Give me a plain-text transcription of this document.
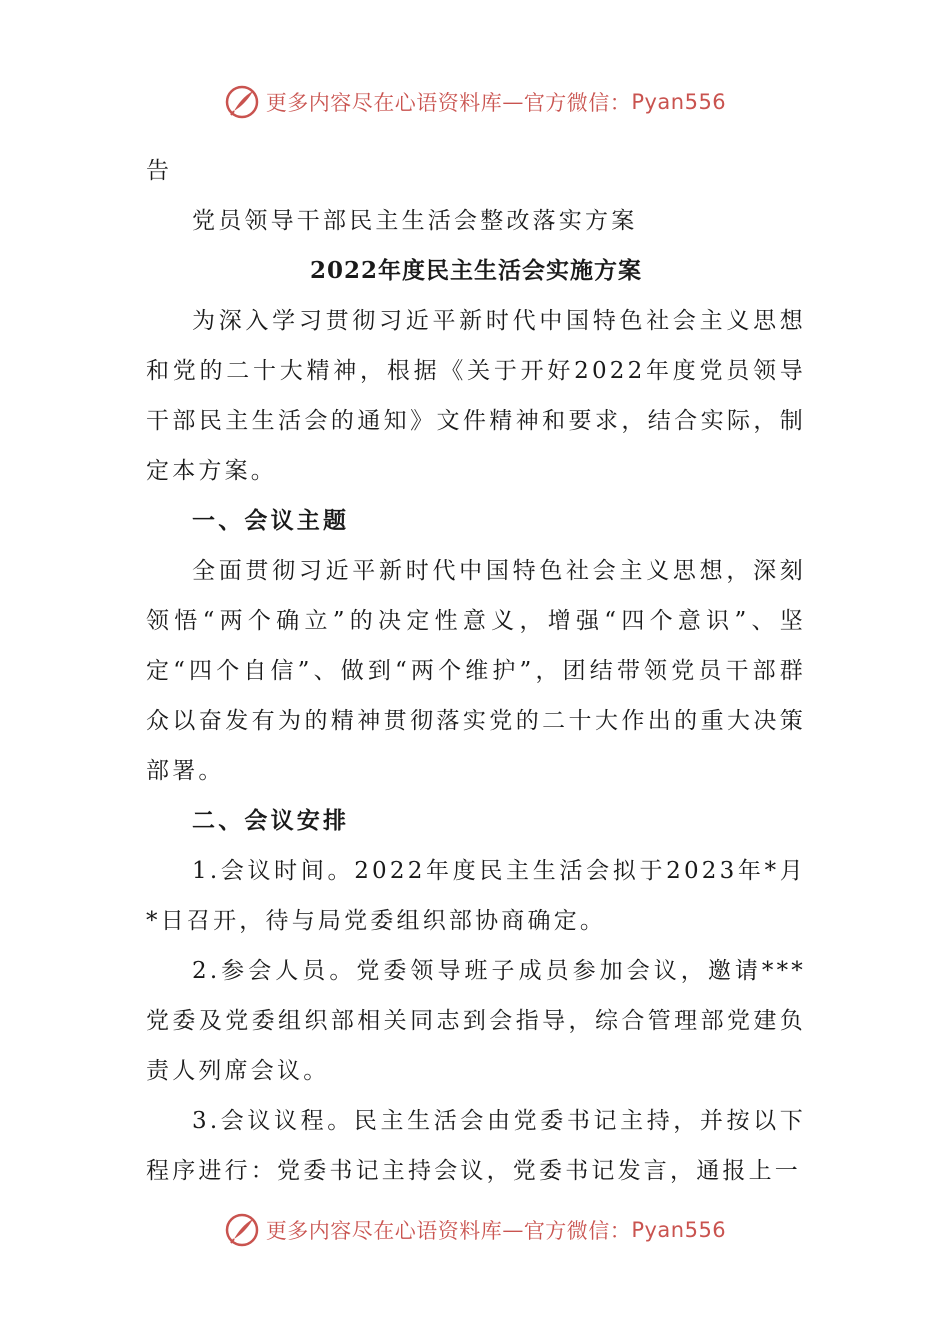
更多内容尽在心语资料库 — 官方微信： Pyan556

告

党员领导干部民主生活会整改落实方案

2022年度民主生活会实施方案

为深入学习贯彻习近平新时代中国特色社会主义思想和党的二十大精神，根据《关于开好2022年度党员领导干部民主生活会的通知》文件精神和要求，结合实际，制定本方案。

一、会议主题

全面贯彻习近平新时代中国特色社会主义思想，深刻领悟“两个确立”的决定性意义，增强“四个意识”、坚定“四个自信”、做到“两个维护”，团结带领党员干部群众以奋发有为的精神贯彻落实党的二十大作出的重大决策部署。

二、会议安排

1.会议时间。2022年度民主生活会拟于2023年*月*日召开，待与局党委组织部协商确定。

2.参会人员。党委领导班子成员参加会议，邀请***党委及党委组织部相关同志到会指导，综合管理部党建负责人列席会议。

3.会议议程。民主生活会由党委书记主持，并按以下程序进行：党委书记主持会议，党委书记发言，通报上一

更多内容尽在心语资料库 — 官方微信： Pyan556
